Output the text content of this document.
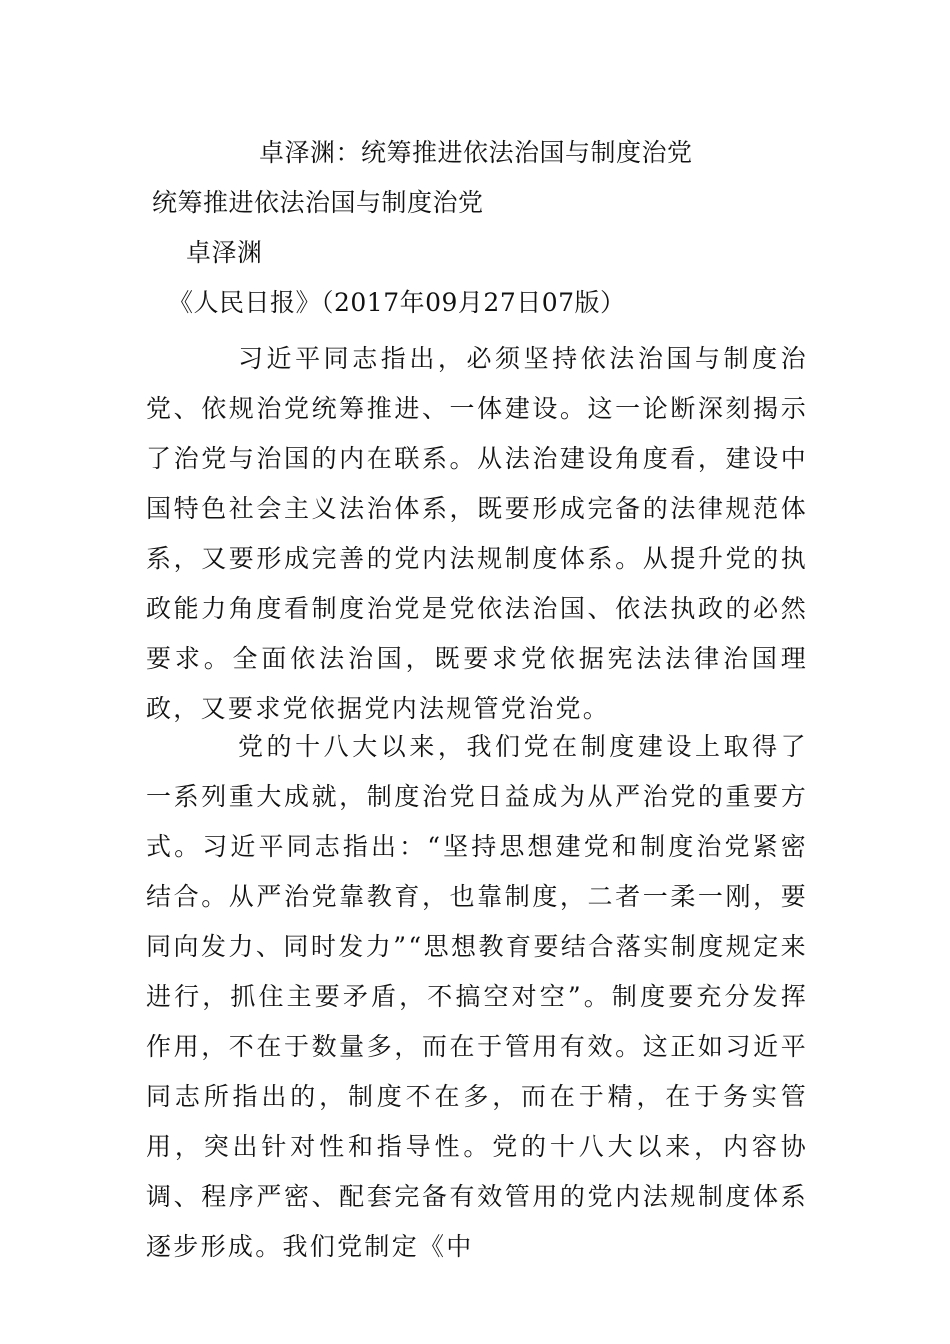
卓泽渊：统筹推进依法治国与制度治党
统筹推进依法治国与制度治党
卓泽渊
《人民日报》（2017年09月27日07版）

习近平同志指出，必须坚持依法治国与制度治党、依规治党统筹推进、一体建设。这一论断深刻揭示了治党与治国的内在联系。从法治建设角度看，建设中国特色社会主义法治体系，既要形成完备的法律规范体系，又要形成完善的党内法规制度体系。从提升党的执政能力角度看制度治党是党依法治国、依法执政的必然要求。全面依法治国，既要求党依据宪法法律治国理政，又要求党依据党内法规管党治党。

党的十八大以来，我们党在制度建设上取得了一系列重大成就，制度治党日益成为从严治党的重要方式。习近平同志指出：“坚持思想建党和制度治党紧密结合。从严治党靠教育，也靠制度，二者一柔一刚，要同向发力、同时发力”“思想教育要结合落实制度规定来进行，抓住主要矛盾，不搞空对空”。制度要充分发挥作用，不在于数量多，而在于管用有效。这正如习近平同志所指出的，制度不在多，而在于精，在于务实管用，突出针对性和指导性。党的十八大以来，内容协调、程序严密、配套完备有效管用的党内法规制度体系逐步形成。我们党制定《中
